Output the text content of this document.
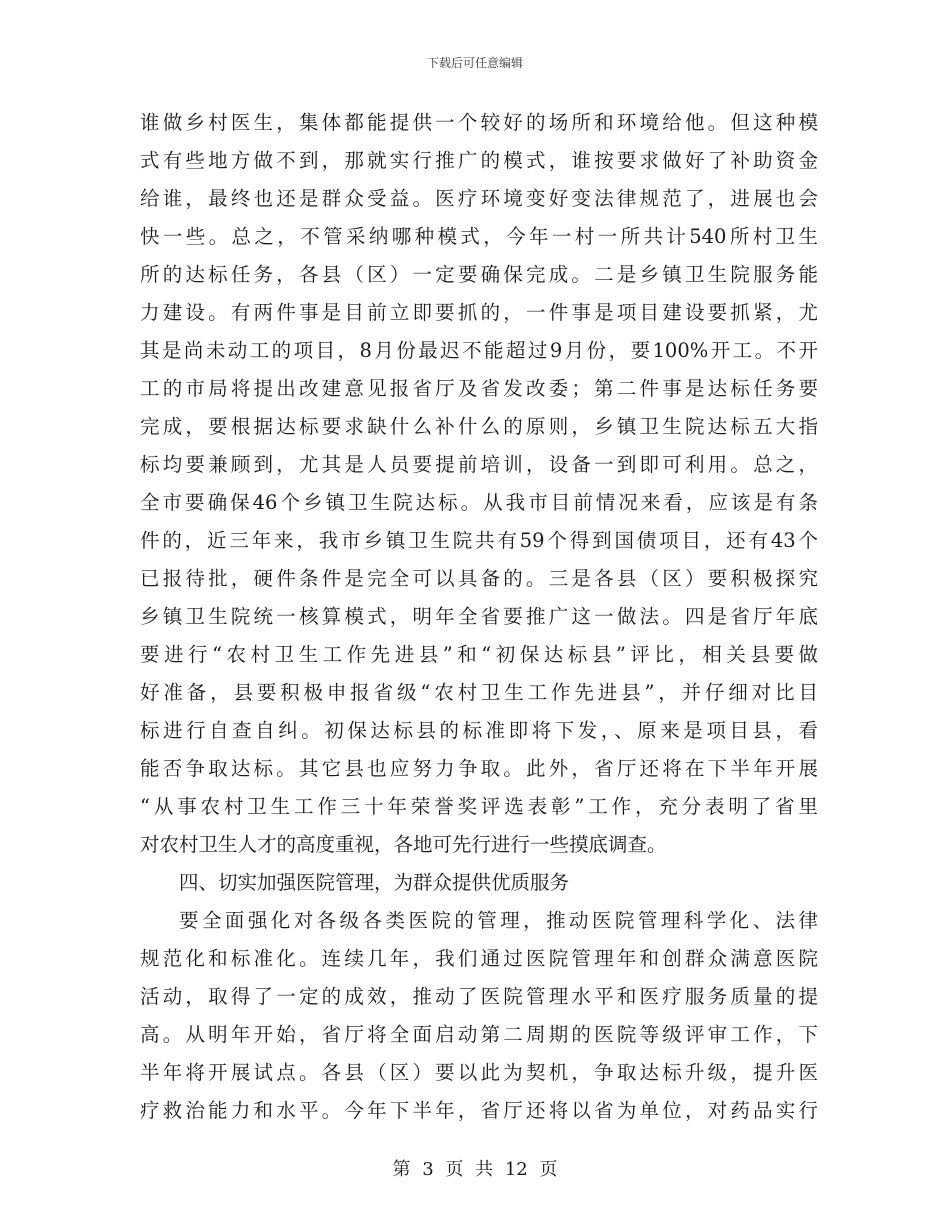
下载后可任意编辑
谁做乡村医生，集体都能提供一个较好的场所和环境给他。但这种模
式有些地方做不到，那就实行推广的模式，谁按要求做好了补助资金
给谁，最终也还是群众受益。医疗环境变好变法律规范了，进展也会
快一些。总之，不管采纳哪种模式，今年一村一所共计540所村卫生
所的达标任务，各县（区）一定要确保完成。二是乡镇卫生院服务能
力建设。有两件事是目前立即要抓的，一件事是项目建设要抓紧，尤
其是尚未动工的项目，8月份最迟不能超过9月份，要100%开工。不开
工的市局将提出改建意见报省厅及省发改委；第二件事是达标任务要
完成，要根据达标要求缺什么补什么的原则，乡镇卫生院达标五大指
标均要兼顾到，尤其是人员要提前培训，设备一到即可利用。总之，
全市要确保46个乡镇卫生院达标。从我市目前情况来看，应该是有条
件的，近三年来，我市乡镇卫生院共有59个得到国债项目，还有43个
已报待批，硬件条件是完全可以具备的。三是各县（区）要积极探究
乡镇卫生院统一核算模式，明年全省要推广这一做法。四是省厅年底
要进行“农村卫生工作先进县”和“初保达标县”评比，相关县要做
好准备，县要积极申报省级“农村卫生工作先进县”，并仔细对比目
标进行自查自纠。初保达标县的标准即将下发，、原来是项目县，看
能否争取达标。其它县也应努力争取。此外，省厅还将在下半年开展
“从事农村卫生工作三十年荣誉奖评选表彰”工作，充分表明了省里
对农村卫生人才的高度重视，各地可先行进行一些摸底调查。
四、切实加强医院管理，为群众提供优质服务
要全面强化对各级各类医院的管理，推动医院管理科学化、法律
规范化和标准化。连续几年，我们通过医院管理年和创群众满意医院
活动，取得了一定的成效，推动了医院管理水平和医疗服务质量的提
高。从明年开始，省厅将全面启动第二周期的医院等级评审工作，下
半年将开展试点。各县（区）要以此为契机，争取达标升级，提升医
疗救治能力和水平。今年下半年，省厅还将以省为单位，对药品实行
第 3 页 共 12 页
